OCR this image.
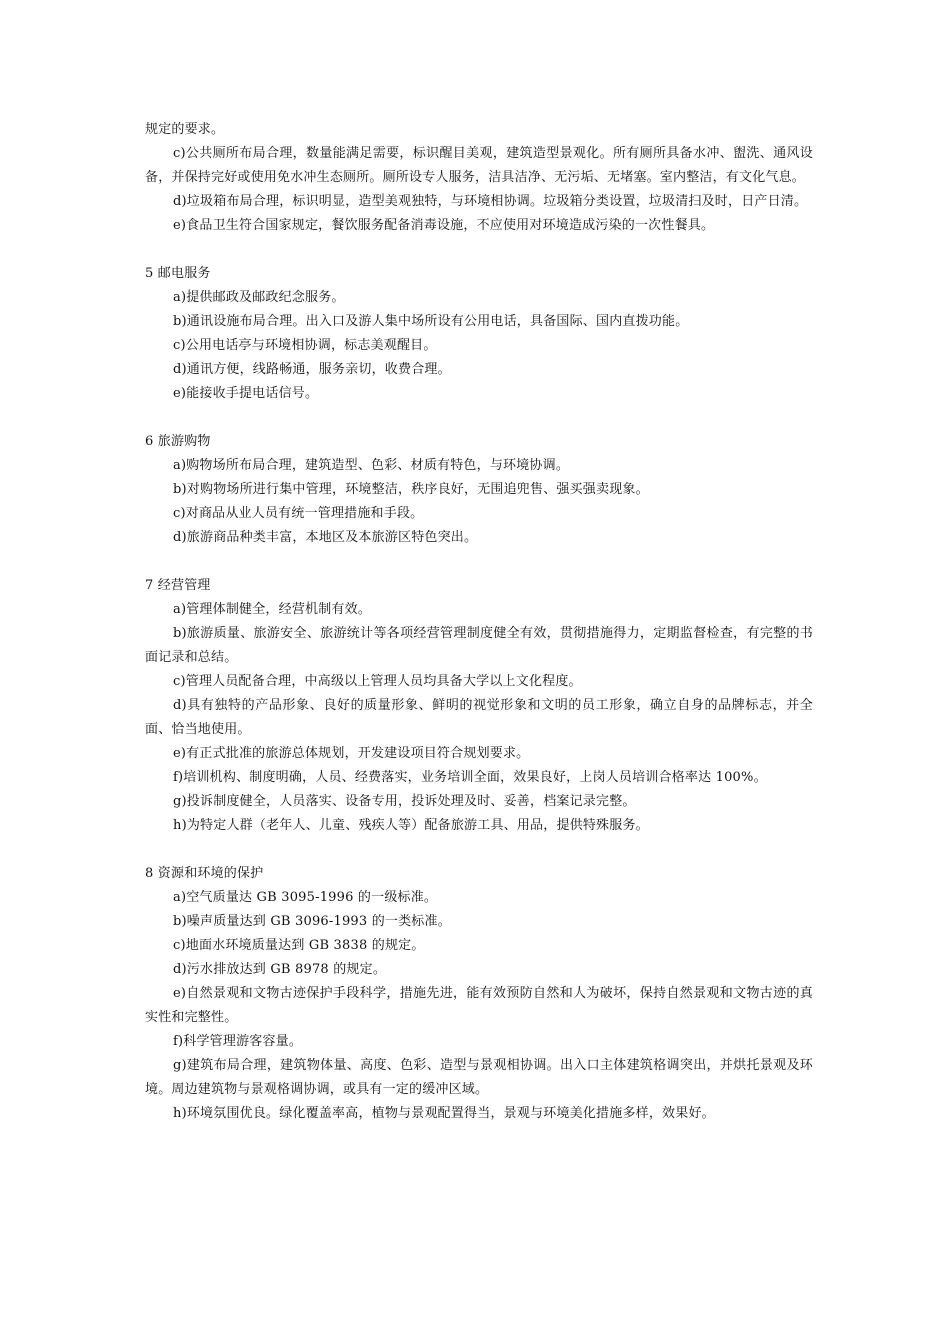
规定的要求。

c)公共厕所布局合理，数量能满足需要，标识醒目美观，建筑造型景观化。所有厕所具备水冲、盥洗、通风设备，并保持完好或使用免水冲生态厕所。厕所设专人服务，洁具洁净、无污垢、无堵塞。室内整洁，有文化气息。

d)垃圾箱布局合理，标识明显，造型美观独特，与环境相协调。垃圾箱分类设置，垃圾清扫及时，日产日清。

e)食品卫生符合国家规定，餐饮服务配备消毒设施，不应使用对环境造成污染的一次性餐具。

5 邮电服务

a)提供邮政及邮政纪念服务。

b)通讯设施布局合理。出入口及游人集中场所设有公用电话，具备国际、国内直拨功能。

c)公用电话亭与环境相协调，标志美观醒目。

d)通讯方便，线路畅通，服务亲切，收费合理。

e)能接收手提电话信号。

6 旅游购物

a)购物场所布局合理，建筑造型、色彩、材质有特色，与环境协调。

b)对购物场所进行集中管理，环境整洁，秩序良好，无围追兜售、强买强卖现象。

c)对商品从业人员有统一管理措施和手段。

d)旅游商品种类丰富，本地区及本旅游区特色突出。

7 经营管理

a)管理体制健全，经营机制有效。

b)旅游质量、旅游安全、旅游统计等各项经营管理制度健全有效，贯彻措施得力，定期监督检查，有完整的书面记录和总结。

c)管理人员配备合理，中高级以上管理人员均具备大学以上文化程度。

d)具有独特的产品形象、良好的质量形象、鲜明的视觉形象和文明的员工形象，确立自身的品牌标志，并全面、恰当地使用。

e)有正式批准的旅游总体规划，开发建设项目符合规划要求。

f)培训机构、制度明确，人员、经费落实，业务培训全面，效果良好，上岗人员培训合格率达 100%。

g)投诉制度健全，人员落实、设备专用，投诉处理及时、妥善，档案记录完整。

h)为特定人群（老年人、儿童、残疾人等）配备旅游工具、用品，提供特殊服务。

8 资源和环境的保护

a)空气质量达 GB 3095-1996 的一级标准。

b)噪声质量达到 GB 3096-1993 的一类标准。

c)地面水环境质量达到 GB 3838 的规定。

d)污水排放达到 GB 8978 的规定。

e)自然景观和文物古迹保护手段科学，措施先进，能有效预防自然和人为破坏，保持自然景观和文物古迹的真实性和完整性。

f)科学管理游客容量。

g)建筑布局合理，建筑物体量、高度、色彩、造型与景观相协调。出入口主体建筑格调突出，并烘托景观及环境。周边建筑物与景观格调协调，或具有一定的缓冲区域。

h)环境氛围优良。绿化覆盖率高，植物与景观配置得当，景观与环境美化措施多样，效果好。
